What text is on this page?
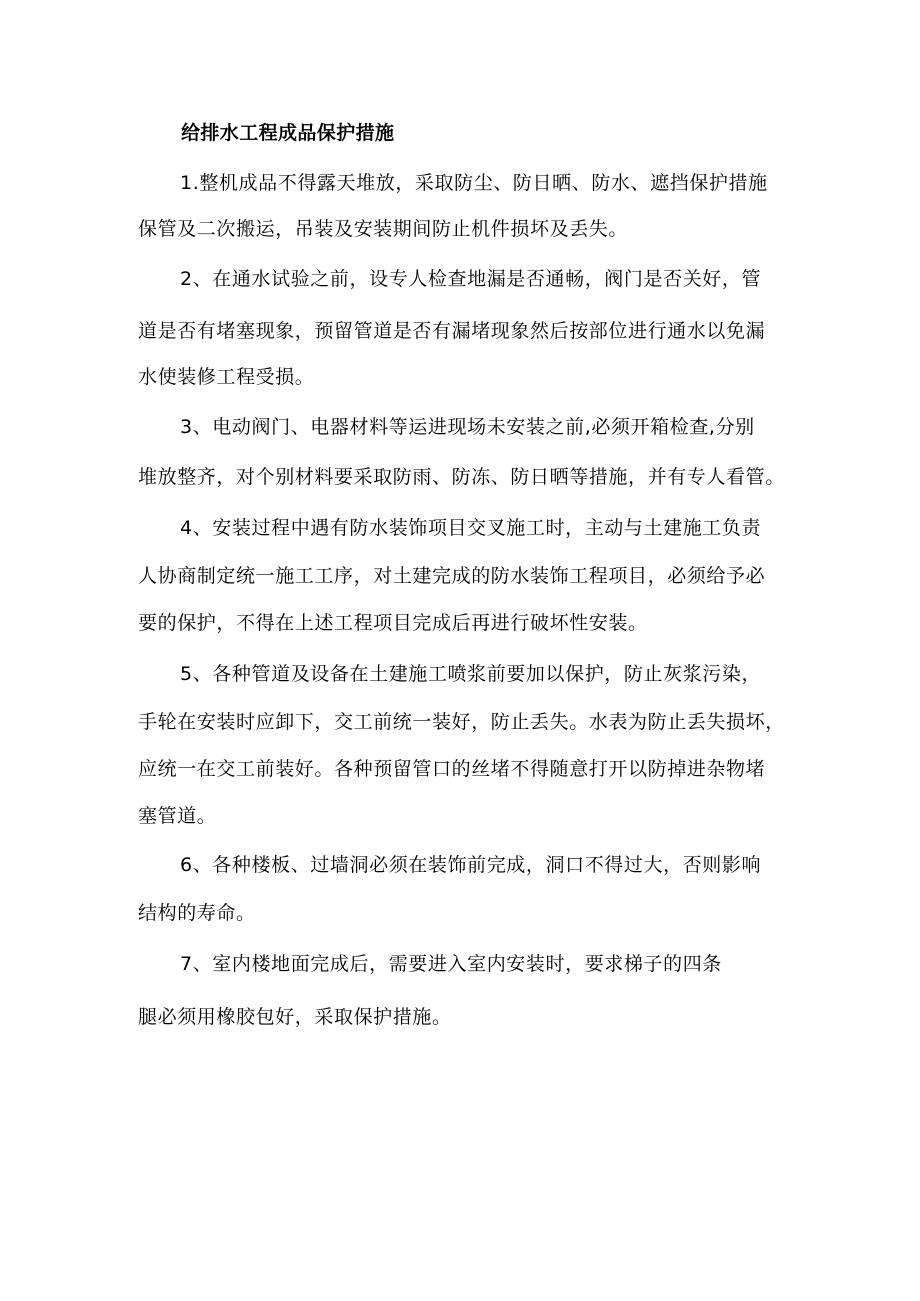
给排水工程成品保护措施
1.整机成品不得露天堆放，采取防尘、防日晒、防水、遮挡保护措施
保管及二次搬运，吊装及安装期间防止机件损坏及丢失。
2、在通水试验之前，设专人检查地漏是否通畅，阀门是否关好，管
道是否有堵塞现象，预留管道是否有漏堵现象然后按部位进行通水以免漏
水使装修工程受损。
3、电动阀门、电器材料等运进现场未安装之前,必须开箱检查,分别
堆放整齐，对个别材料要采取防雨、防冻、防日晒等措施，并有专人看管。
4、安装过程中遇有防水装饰项目交叉施工时，主动与土建施工负责
人协商制定统一施工工序，对土建完成的防水装饰工程项目，必须给予必
要的保护，不得在上述工程项目完成后再进行破坏性安装。
5、各种管道及设备在土建施工喷浆前要加以保护，防止灰浆污染，
手轮在安装时应卸下，交工前统一装好，防止丢失。水表为防止丢失损坏，
应统一在交工前装好。各种预留管口的丝堵不得随意打开以防掉进杂物堵
塞管道。
6、各种楼板、过墙洞必须在装饰前完成，洞口不得过大，否则影响
结构的寿命。
7、室内楼地面完成后，需要进入室内安装时，要求梯子的四条
腿必须用橡胶包好，采取保护措施。
